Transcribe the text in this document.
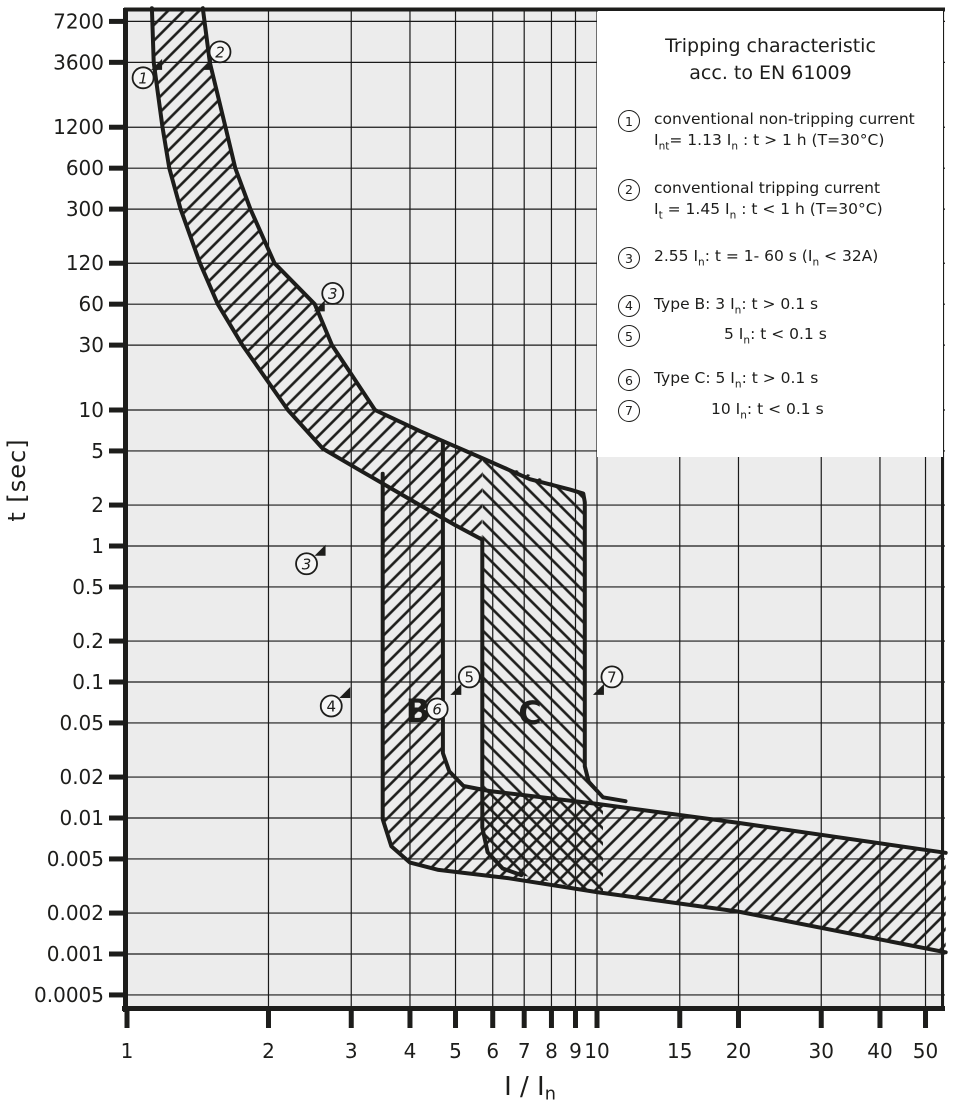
7200
3600
1200
600
300
120
60
30
10
5
2
1
0.5
0.2
0.1
0.05
0.02
0.01
0.005
0.002
0.001
0.0005
1	2	3 4 5 6 7 8 9 10	15 20	30 40 50
1
2
3
3
4
5
6
7
B	C
t [sec]
I / $I_n$
Tripping characteristic
acc. to EN 61009
1	conventional non-tripping current
$I_{nt}= 1.13$ $I_n$ : t > 1 h (T=30°C)
2	conventional tripping current
$I_t = 1.45$ $I_n$ : t < 1 h (T=30°C)
3	2.55 $I_n$: t = 1- 60 s $(I_n < 32A)$
4	Type B: 3 $I_n$: t > 0.1 s
5	5 $I_n$: t < 0.1 s
6	Type C: 5 $I_n$: t > 0.1 s
7	10 $I_n$: t < 0.1 s
